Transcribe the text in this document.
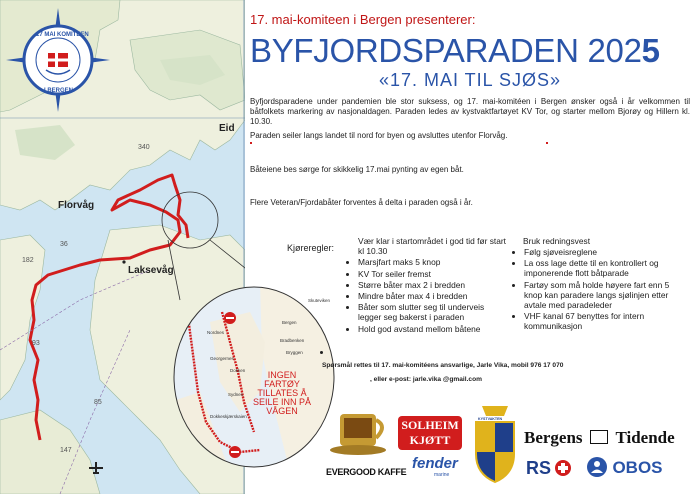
Eid
Florvåg
Laksevåg
340
36
182
93
85
147
17 MAI KOMITEEN
I BERGEN
Skuteviken
Bergen
Nordnes
Bradbenken
Bryggen
Georgernes
Dokken
Sydnes
Dokkeskjærskaien
INGEN
FARTØY
TILLATES Å
SEILE INN PÅ
VÅGEN
17. mai-komiteen i Bergen presenterer:
BYFJORDSPARADEN 2025
«17. MAI TIL SJØS»
Byfjordsparadene under pandemien ble stor suksess, og 17. mai-komitéen i Bergen ønsker også i år velkommen til båtfolkets markering av nasjonaldagen. Paraden ledes av kystvaktfartøyet KV Tor, og starter mellom Bjorøy og Hillern kl. 10.30.
Paraden seiler langs landet til nord for byen og avsluttes utenfor Florvåg.
Båteiene bes sørge for skikkelig 17.mai pynting av egen båt.
Flere Veteran/Fjordabåter forventes å delta i paraden også i år.
Kjøreregler:
Vær klar i startområdet i god tid før start kl 10.30
• Marsjfart maks 5 knop
• KV Tor seiler fremst
• Større båter max 2 i bredden
• Mindre båter max 4 i bredden
• Båter som slutter seg til underveis legger seg bakerst i paraden
• Hold god avstand mellom båtene
Bruk redningsvest
• Følg sjøveisreglene
• La oss lage dette til en kontrollert og imponerende flott båtparade
• Fartøy som må holde høyere fart enn 5 knop kan paradere langs sjølinjen etter avtale med paradeleder
• VHF kanal 67 benyttes for intern kommunikasjon
Spørsmål rettes til 17. mai-komitéens ansvarlige, Jarle Vika, mobil 976 17 070
, eller e-post: jarle.vika @gmail.com
EVERGOOD KAFFE
SOLHEIM
KJØTT
fender
marine
KYSTVAKTEN
Bergens Tidende
RS	OBOS
